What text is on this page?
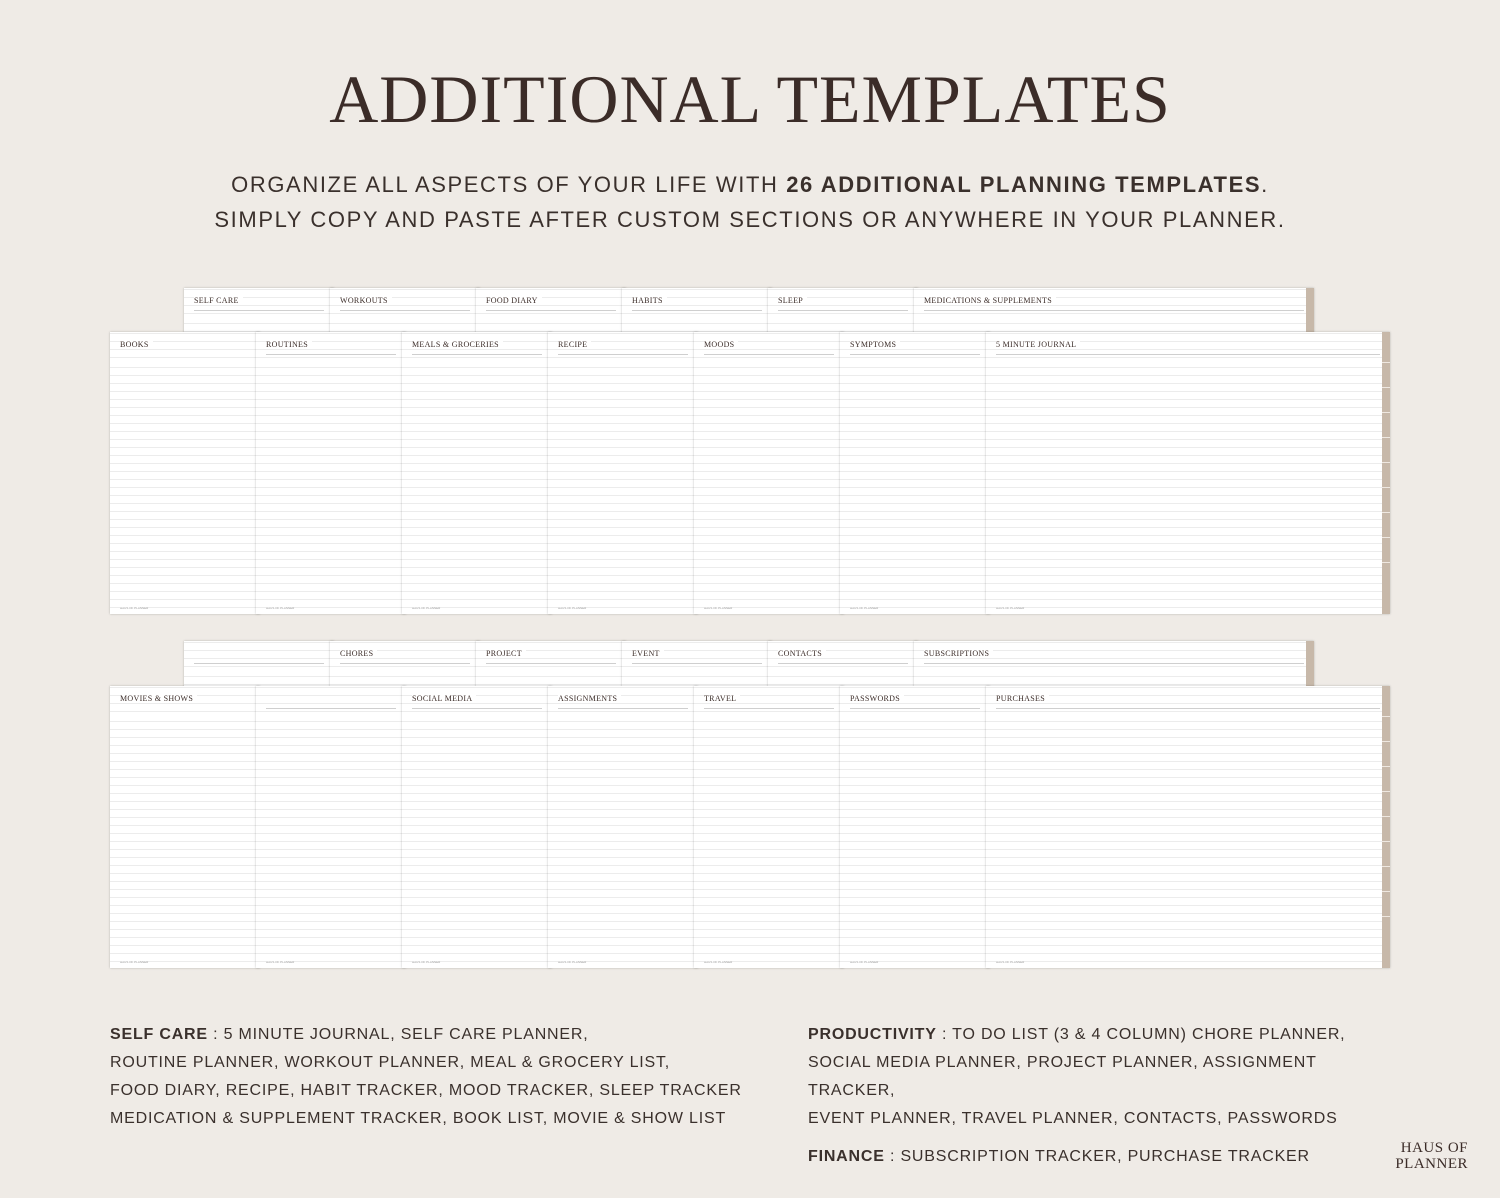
ADDITIONAL TEMPLATES
ORGANIZE ALL ASPECTS OF YOUR LIFE WITH 26 ADDITIONAL PLANNING TEMPLATES.
SIMPLY COPY AND PASTE AFTER CUSTOM SECTIONS OR ANYWHERE IN YOUR PLANNER.
SELF CARE	WORKOUTS	FOOD DIARY	HABITS	SLEEP	MEDICATIONS & SUPPLEMENTS
BOOKS
HAUS OF PLANNER
ROUTINES
HAUS OF PLANNER
MEALS & GROCERIES
HAUS OF PLANNER
RECIPE
HAUS OF PLANNER
MOODS
HAUS OF PLANNER
SYMPTOMS
HAUS OF PLANNER
5 MINUTE JOURNAL
HAUS OF PLANNER
CHORES	PROJECT	EVENT	CONTACTS	SUBSCRIPTIONS
MOVIES & SHOWS
HAUS OF PLANNER	HAUS OF PLANNER
SOCIAL MEDIA
HAUS OF PLANNER
ASSIGNMENTS
HAUS OF PLANNER
TRAVEL
HAUS OF PLANNER
PASSWORDS
HAUS OF PLANNER
PURCHASES
HAUS OF PLANNER
SELF CARE : 5 MINUTE JOURNAL, SELF CARE PLANNER,
ROUTINE PLANNER, WORKOUT PLANNER, MEAL & GROCERY LIST,
FOOD DIARY, RECIPE, HABIT TRACKER, MOOD TRACKER, SLEEP TRACKER
MEDICATION & SUPPLEMENT TRACKER, BOOK LIST, MOVIE & SHOW LIST
PRODUCTIVITY : TO DO LIST (3 & 4 COLUMN) CHORE PLANNER,
SOCIAL MEDIA PLANNER, PROJECT PLANNER, ASSIGNMENT TRACKER,
EVENT PLANNER, TRAVEL PLANNER, CONTACTS, PASSWORDS
FINANCE : SUBSCRIPTION TRACKER, PURCHASE TRACKER	HAUS OF
PLANNER
